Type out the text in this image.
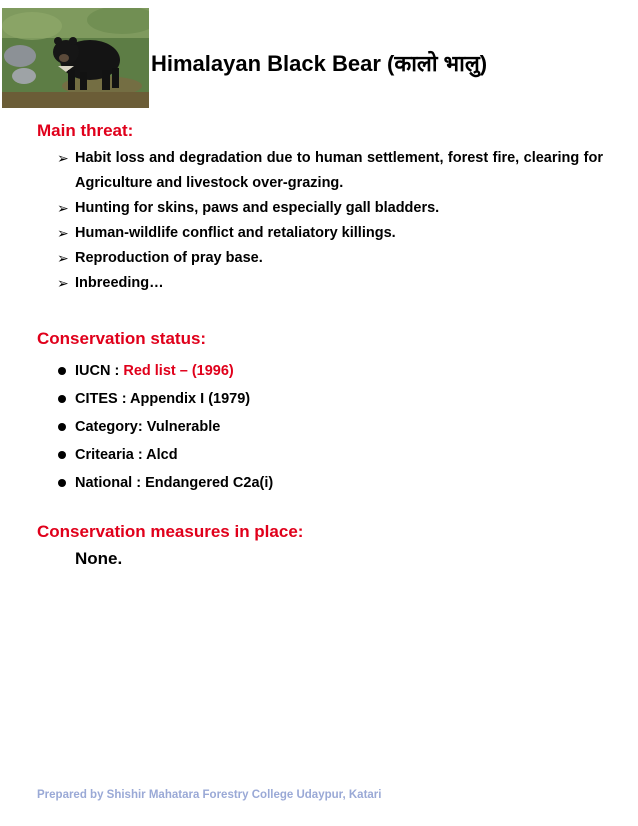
Himalayan Black Bear (कालो भालु)
Main threat:
➢ Habit loss and degradation due to human settlement, forest fire, clearing for Agriculture and livestock over-grazing.
➢ Hunting for skins, paws and especially gall bladders.
➢ Human-wildlife conflict and retaliatory killings.
➢ Reproduction of pray base.
➢ Inbreeding…
Conservation status:
IUCN : Red list – (1996)
CITES : Appendix I (1979)
Category: Vulnerable
Critearia : Alcd
National : Endangered C2a(i)
Conservation measures in place:
None.
Prepared by Shishir Mahatara Forestry College Udaypur, Katari
